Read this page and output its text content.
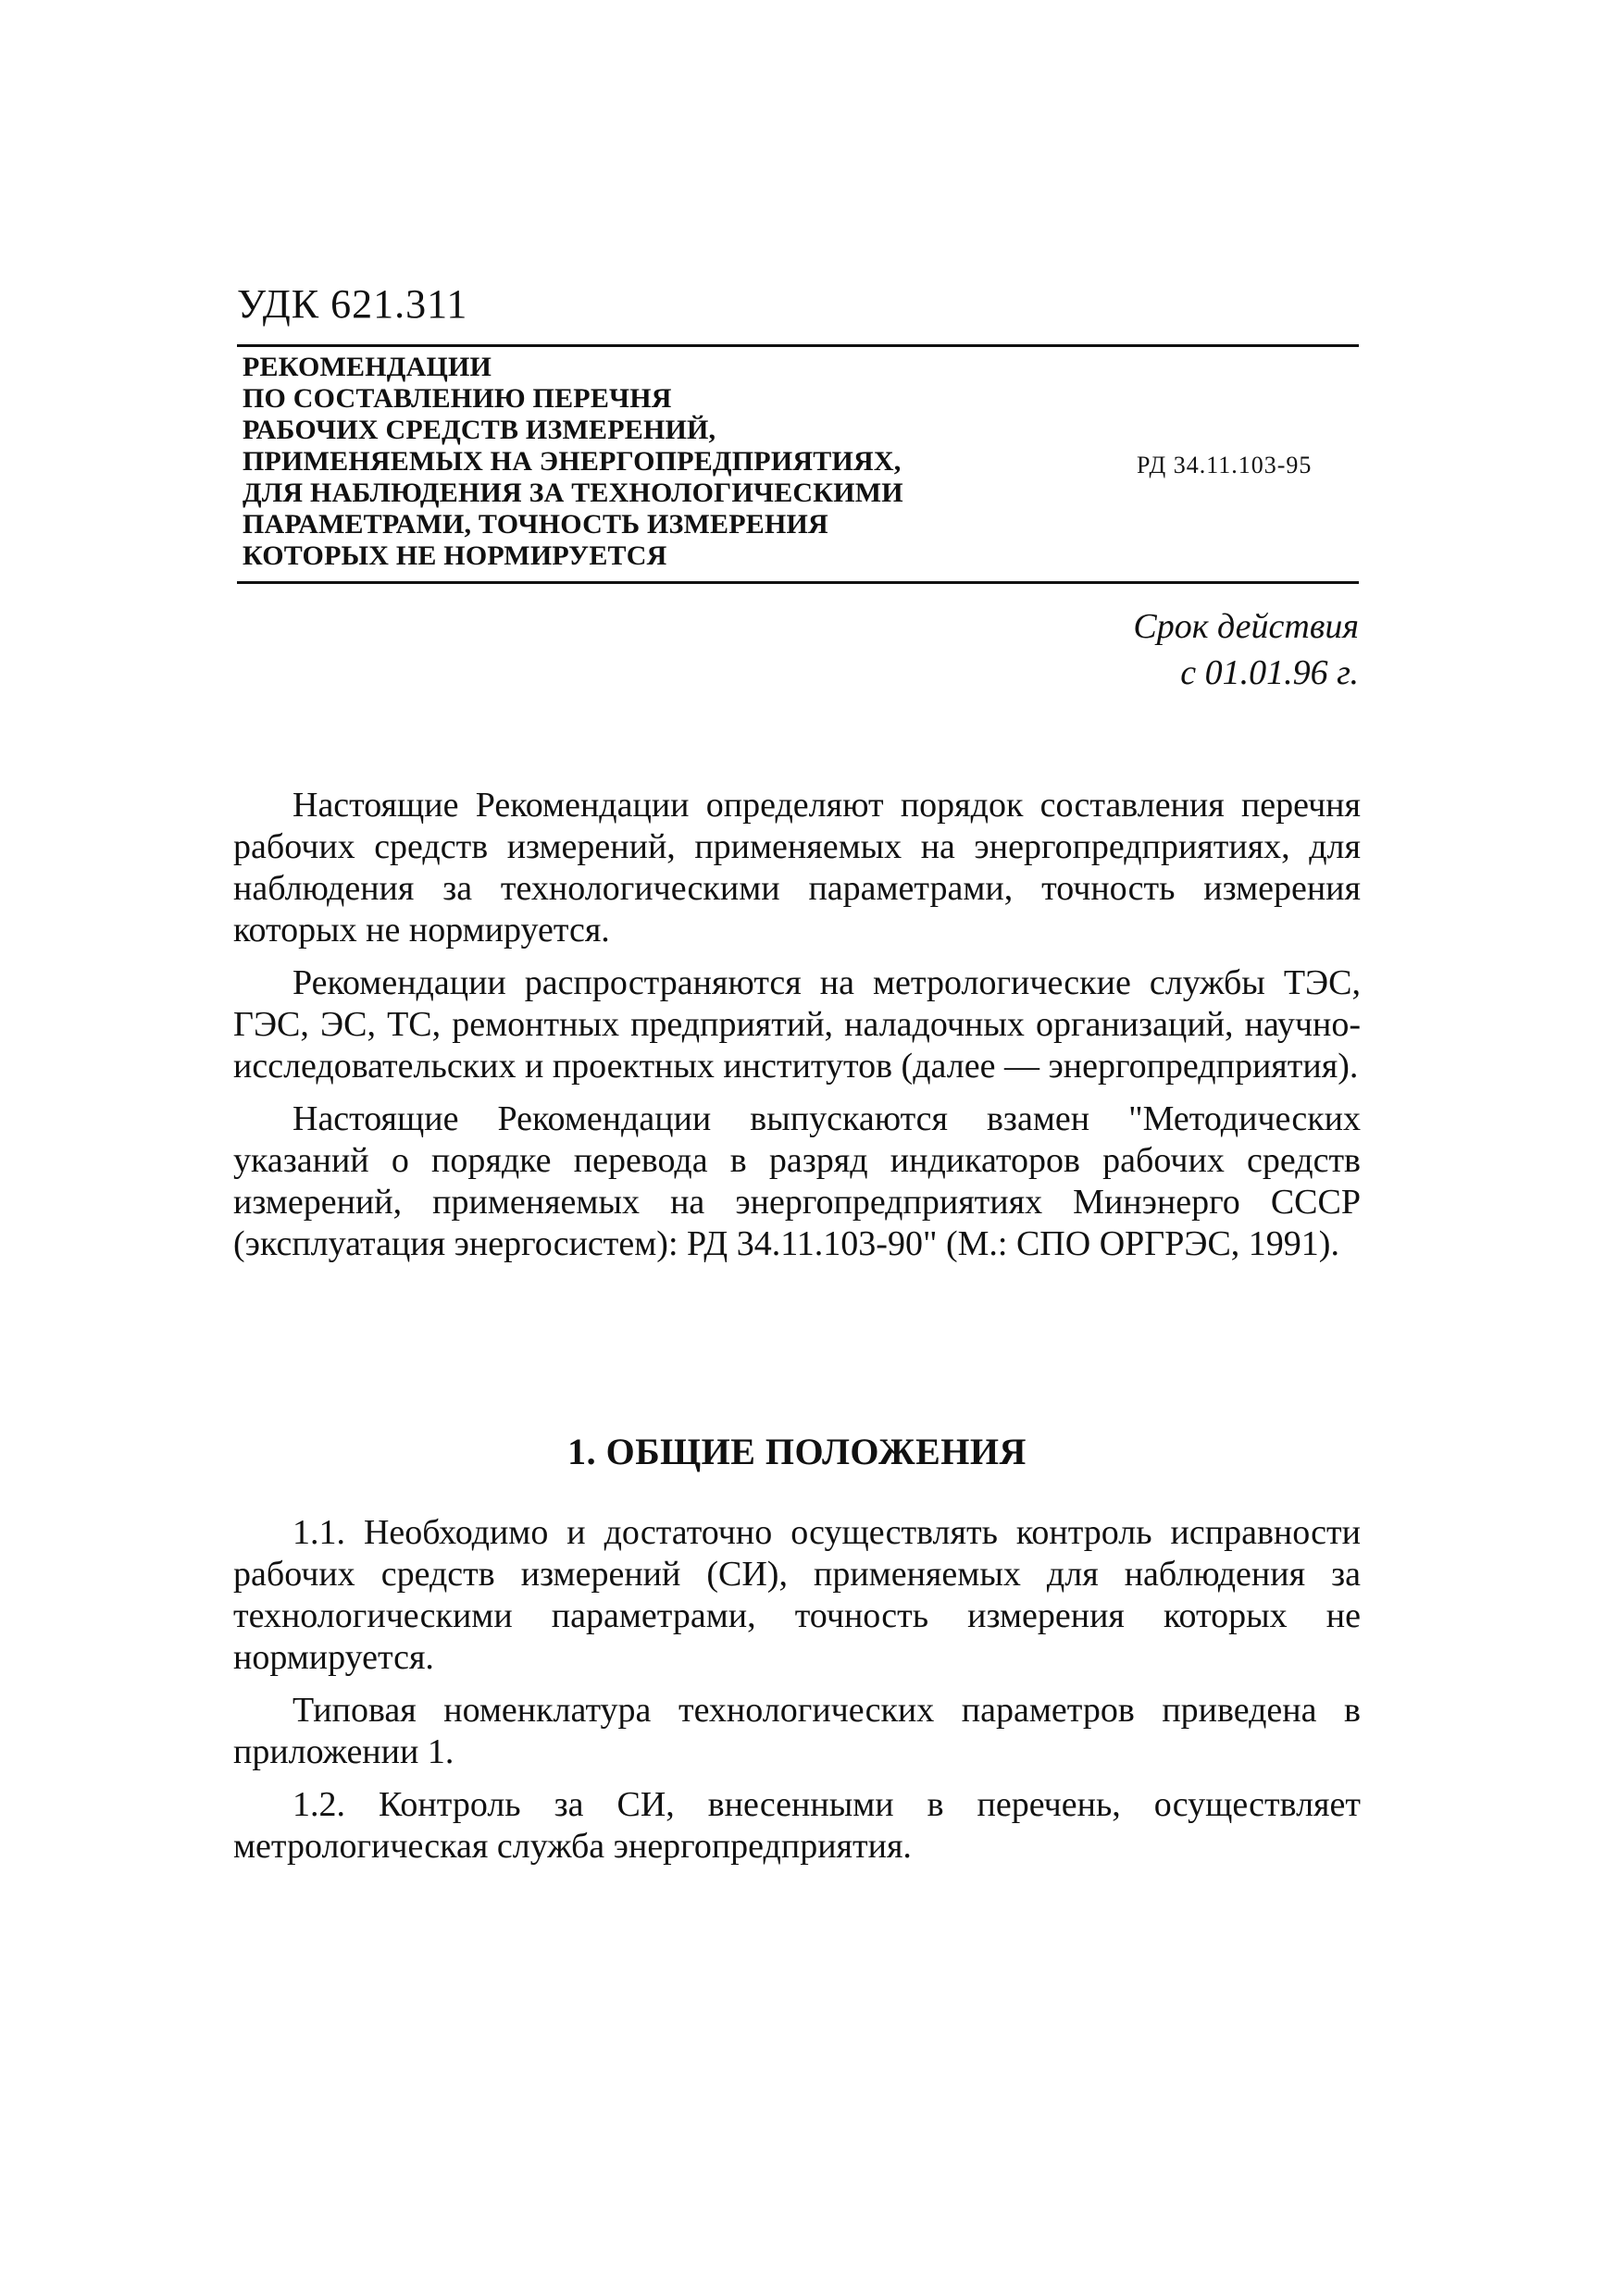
УДК 621.311
РЕКОМЕНДАЦИИ
ПО СОСТАВЛЕНИЮ ПЕРЕЧНЯ
РАБОЧИХ СРЕДСТВ ИЗМЕРЕНИЙ,
ПРИМЕНЯЕМЫХ НА ЭНЕРГОПРЕДПРИЯТИЯХ,
ДЛЯ НАБЛЮДЕНИЯ ЗА ТЕХНОЛОГИЧЕСКИМИ
ПАРАМЕТРАМИ, ТОЧНОСТЬ ИЗМЕРЕНИЯ
КОТОРЫХ НЕ НОРМИРУЕТСЯ
РД 34.11.103-95
Срок действия
с 01.01.96 г.

Настоящие Рекомендации определяют порядок составления перечня рабочих средств измерений, применяемых на энергопредприятиях, для наблюдения за технологическими параметрами, точность измерения которых не нормируется.

Рекомендации распространяются на метрологические службы ТЭС, ГЭС, ЭС, ТС, ремонтных предприятий, наладочных организаций, научно-исследовательских и проектных институтов (далее — энергопредприятия).

Настоящие Рекомендации выпускаются взамен "Методических указаний о порядке перевода в разряд индикаторов рабочих средств измерений, применяемых на энергопредприятиях Минэнерго СССР (эксплуатация энергосистем): РД 34.11.103-90" (М.: СПО ОРГРЭС, 1991).

1. ОБЩИЕ ПОЛОЖЕНИЯ

1.1. Необходимо и достаточно осуществлять контроль исправности рабочих средств измерений (СИ), применяемых для наблюдения за технологическими параметрами, точность измерения которых не нормируется.

Типовая номенклатура технологических параметров приведена в приложении 1.

1.2. Контроль за СИ, внесенными в перечень, осуществляет метрологическая служба энергопредприятия.
